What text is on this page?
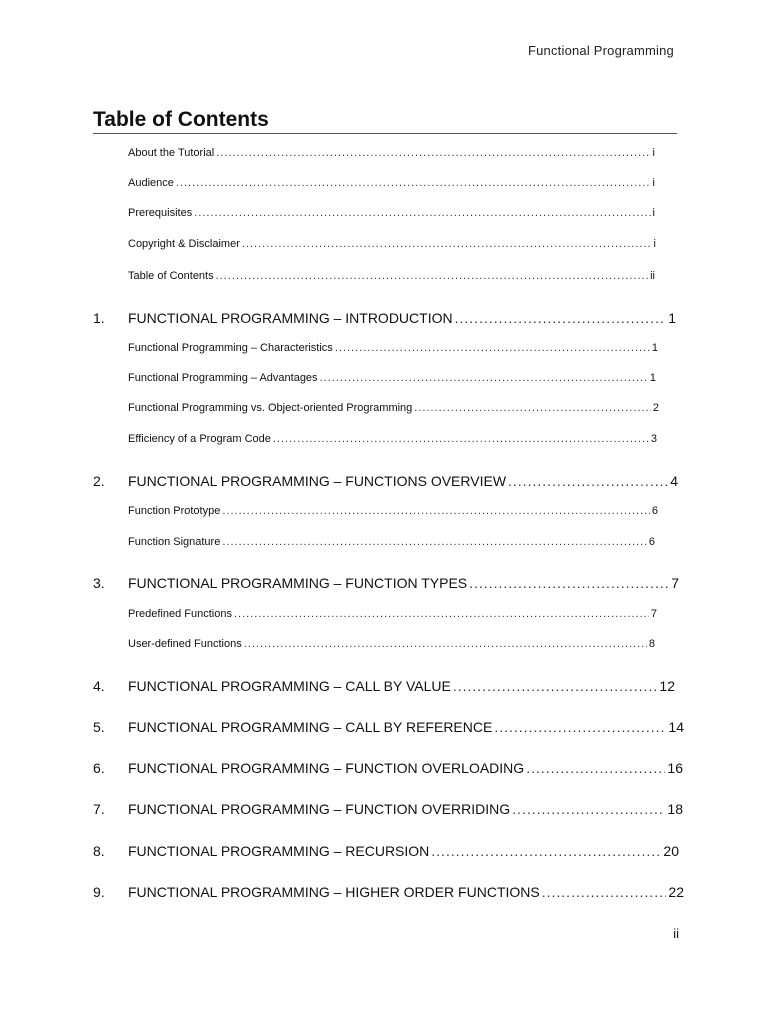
Functional Programming
Table of Contents
About the Tutorial .....	i
Audience .....	i
Prerequisites .....	i
Copyright & Disclaimer .....	i
Table of Contents .....	ii
1.	FUNCTIONAL PROGRAMMING – INTRODUCTION .....	1
Functional Programming – Characteristics .....	1
Functional Programming – Advantages .....	1
Functional Programming vs. Object-oriented Programming .....	2
Efficiency of a Program Code .....	3
2.	FUNCTIONAL PROGRAMMING – FUNCTIONS OVERVIEW .....	4
Function Prototype .....	6
Function Signature .....	6
3.	FUNCTIONAL PROGRAMMING – FUNCTION TYPES .....	7
Predefined Functions .....	7
User-defined Functions .....	8
4.	FUNCTIONAL PROGRAMMING – CALL BY VALUE .....	12
5.	FUNCTIONAL PROGRAMMING – CALL BY REFERENCE .....	14
6.	FUNCTIONAL PROGRAMMING – FUNCTION OVERLOADING .....	16
7.	FUNCTIONAL PROGRAMMING – FUNCTION OVERRIDING .....	18
8.	FUNCTIONAL PROGRAMMING – RECURSION .....	20
9.	FUNCTIONAL PROGRAMMING – HIGHER ORDER FUNCTIONS .....	22
ii
